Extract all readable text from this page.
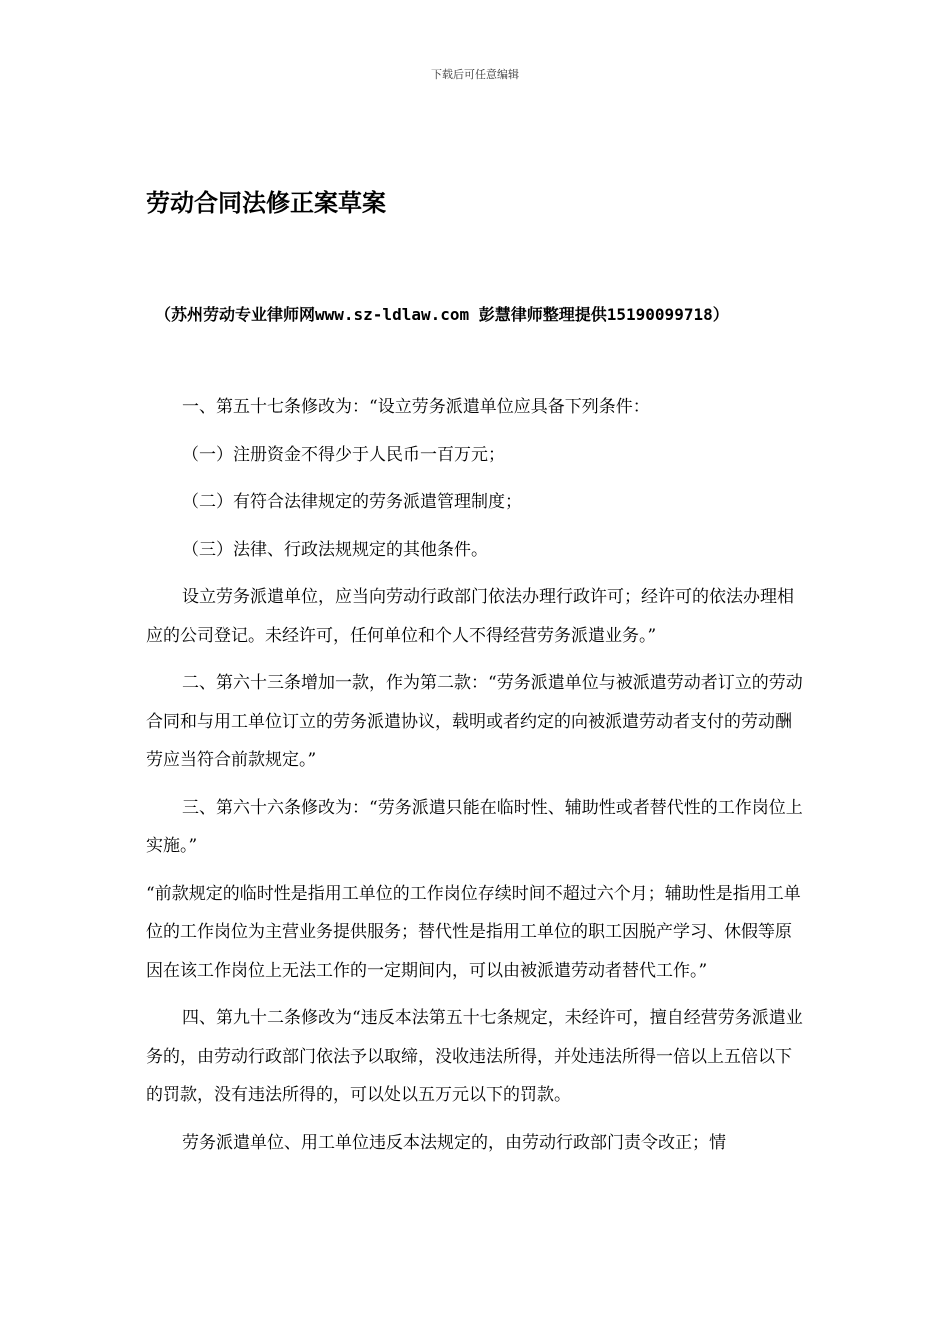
下载后可任意编辑
劳动合同法修正案草案
（苏州劳动专业律师网www.sz-ldlaw.com 彭慧律师整理提供15190099718）

一、第五十七条修改为：“设立劳务派遣单位应具备下列条件：

（一）注册资金不得少于人民币一百万元；

（二）有符合法律规定的劳务派遣管理制度；

（三）法律、行政法规规定的其他条件。

设立劳务派遣单位，应当向劳动行政部门依法办理行政许可；经许可的依法办理相应的公司登记。未经许可，任何单位和个人不得经营劳务派遣业务。”

二、第六十三条增加一款，作为第二款：“劳务派遣单位与被派遣劳动者订立的劳动合同和与用工单位订立的劳务派遣协议，载明或者约定的向被派遣劳动者支付的劳动酬劳应当符合前款规定。”

三、第六十六条修改为：“劳务派遣只能在临时性、辅助性或者替代性的工作岗位上实施。”

“前款规定的临时性是指用工单位的工作岗位存续时间不超过六个月；辅助性是指用工单位的工作岗位为主营业务提供服务；替代性是指用工单位的职工因脱产学习、休假等原因在该工作岗位上无法工作的一定期间内，可以由被派遣劳动者替代工作。”

四、第九十二条修改为“违反本法第五十七条规定，未经许可，擅自经营劳务派遣业务的，由劳动行政部门依法予以取缔，没收违法所得，并处违法所得一倍以上五倍以下的罚款，没有违法所得的，可以处以五万元以下的罚款。

劳务派遣单位、用工单位违反本法规定的，由劳动行政部门责令改正；情
